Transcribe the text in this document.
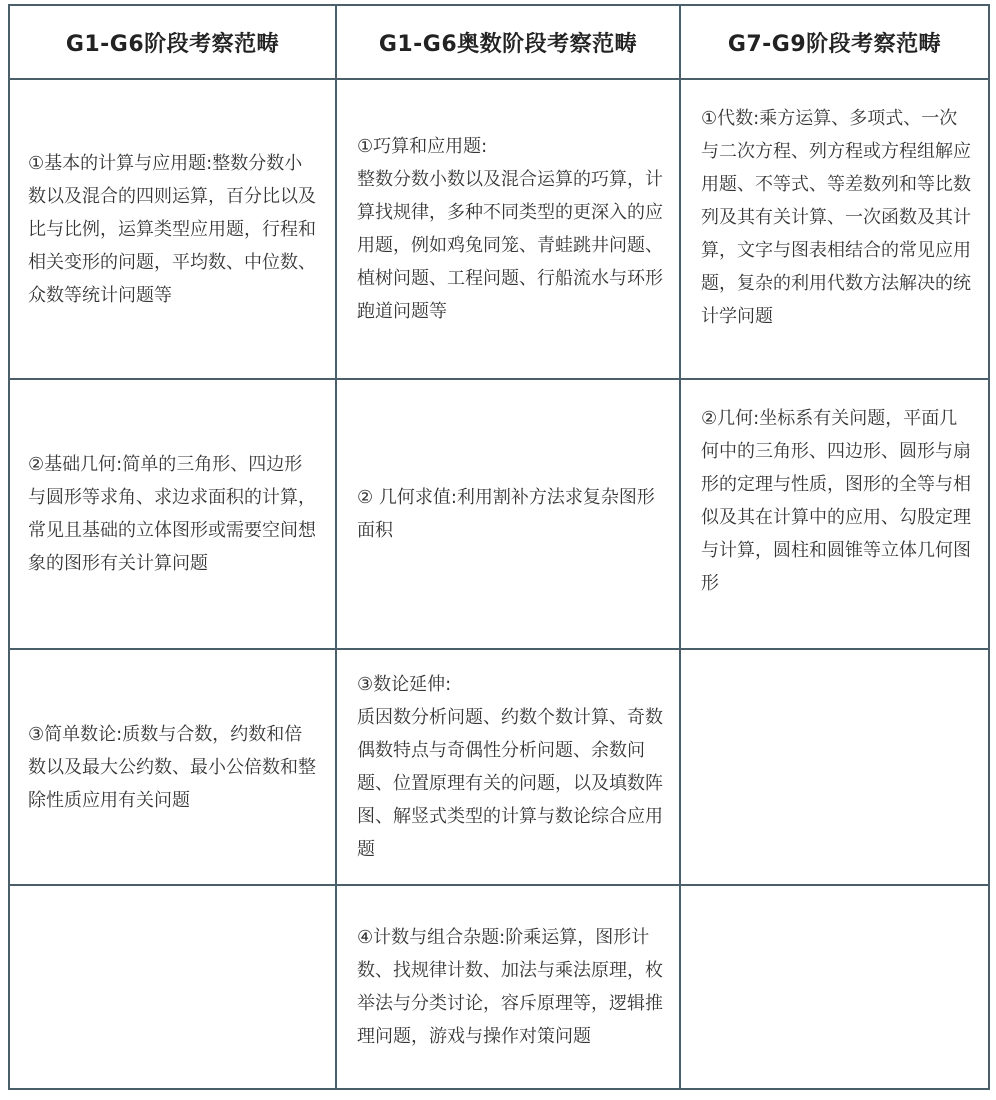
G1-G6阶段考察范畴	G1-G6奥数阶段考察范畴	G7-G9阶段考察范畴

①基本的计算与应用题:整数分数小数以及混合的四则运算，百分比以及比与比例，运算类型应用题，行程和相关变形的问题，平均数、中位数、众数等统计问题等	①巧算和应用题:
整数分数小数以及混合运算的巧算，计算找规律，多种不同类型的更深入的应用题，例如鸡兔同笼、青蛙跳井问题、植树问题、工程问题、行船流水与环形跑道问题等	①代数:乘方运算、多项式、一次与二次方程、列方程或方程组解应用题、不等式、等差数列和等比数列及其有关计算、一次函数及其计算，文字与图表相结合的常见应用题，复杂的利用代数方法解决的统计学问题

②基础几何:简单的三角形、四边形与圆形等求角、求边求面积的计算，常见且基础的立体图形或需要空间想象的图形有关计算问题	② 几何求值:利用割补方法求复杂图形面积	②几何:坐标系有关问题，平面几何中的三角形、四边形、圆形与扇形的定理与性质，图形的全等与相似及其在计算中的应用、勾股定理与计算，圆柱和圆锥等立体几何图形

③简单数论:质数与合数，约数和倍数以及最大公约数、最小公倍数和整除性质应用有关问题	③数论延伸:
质因数分析问题、约数个数计算、奇数偶数特点与奇偶性分析问题、余数问题、位置原理有关的问题，以及填数阵图、解竖式类型的计算与数论综合应用题	

	④计数与组合杂题:阶乘运算，图形计数、找规律计数、加法与乘法原理，枚举法与分类讨论，容斥原理等，逻辑推理问题，游戏与操作对策问题	
